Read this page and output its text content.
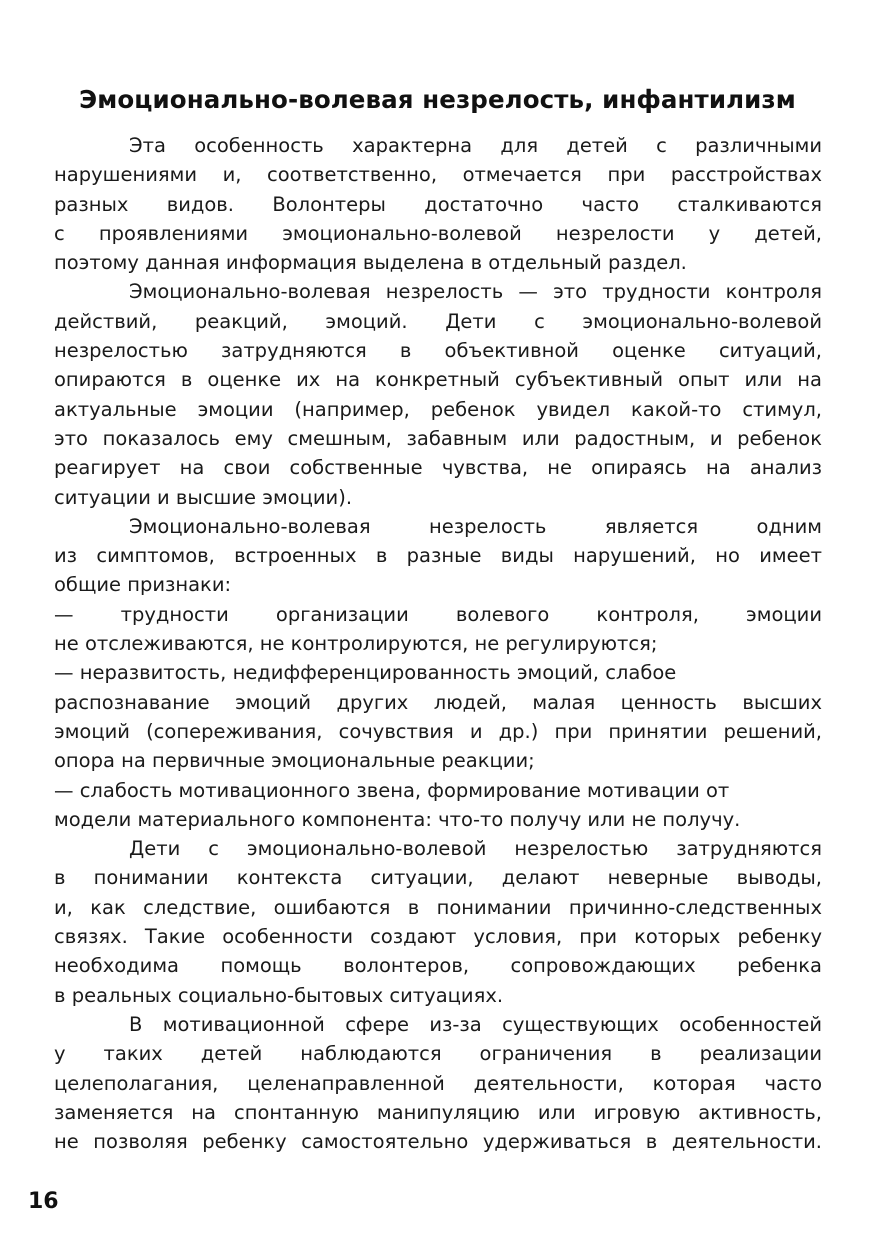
Эмоционально-волевая незрелость, инфантилизм
Эта особенность характерна для детей с различными
нарушениями и, соответственно, отмечается при расстройствах
разных видов. Волонтеры достаточно часто сталкиваются
с проявлениями эмоционально-волевой незрелости у детей,
поэтому данная информация выделена в отдельный раздел.
Эмоционально-волевая незрелость — это трудности контроля
действий, реакций, эмоций. Дети с эмоционально-волевой
незрелостью затрудняются в объективной оценке ситуаций,
опираются в оценке их на конкретный субъективный опыт или на
актуальные эмоции (например, ребенок увидел какой-то стимул,
это показалось ему смешным, забавным или радостным, и ребенок
реагирует на свои собственные чувства, не опираясь на анализ
ситуации и высшие эмоции).
Эмоционально-волевая незрелость является одним
из симптомов, встроенных в разные виды нарушений, но имеет
общие признаки:
— трудности организации волевого контроля, эмоции
не отслеживаются, не контролируются, не регулируются;
— неразвитость, недифференцированность эмоций, слабое
распознавание эмоций других людей, малая ценность высших
эмоций (сопереживания, сочувствия и др.) при принятии решений,
опора на первичные эмоциональные реакции;
— слабость мотивационного звена, формирование мотивации от
модели материального компонента: что-то получу или не получу.
Дети с эмоционально-волевой незрелостью затрудняются
в понимании контекста ситуации, делают неверные выводы,
и, как следствие, ошибаются в понимании причинно-следственных
связях. Такие особенности создают условия, при которых ребенку
необходима помощь волонтеров, сопровождающих ребенка
в реальных социально-бытовых ситуациях.
В мотивационной сфере из-за существующих особенностей
у таких детей наблюдаются ограничения в реализации
целеполагания, целенаправленной деятельности, которая часто
заменяется на спонтанную манипуляцию или игровую активность,
не позволяя ребенку самостоятельно удерживаться в деятельности.
16
